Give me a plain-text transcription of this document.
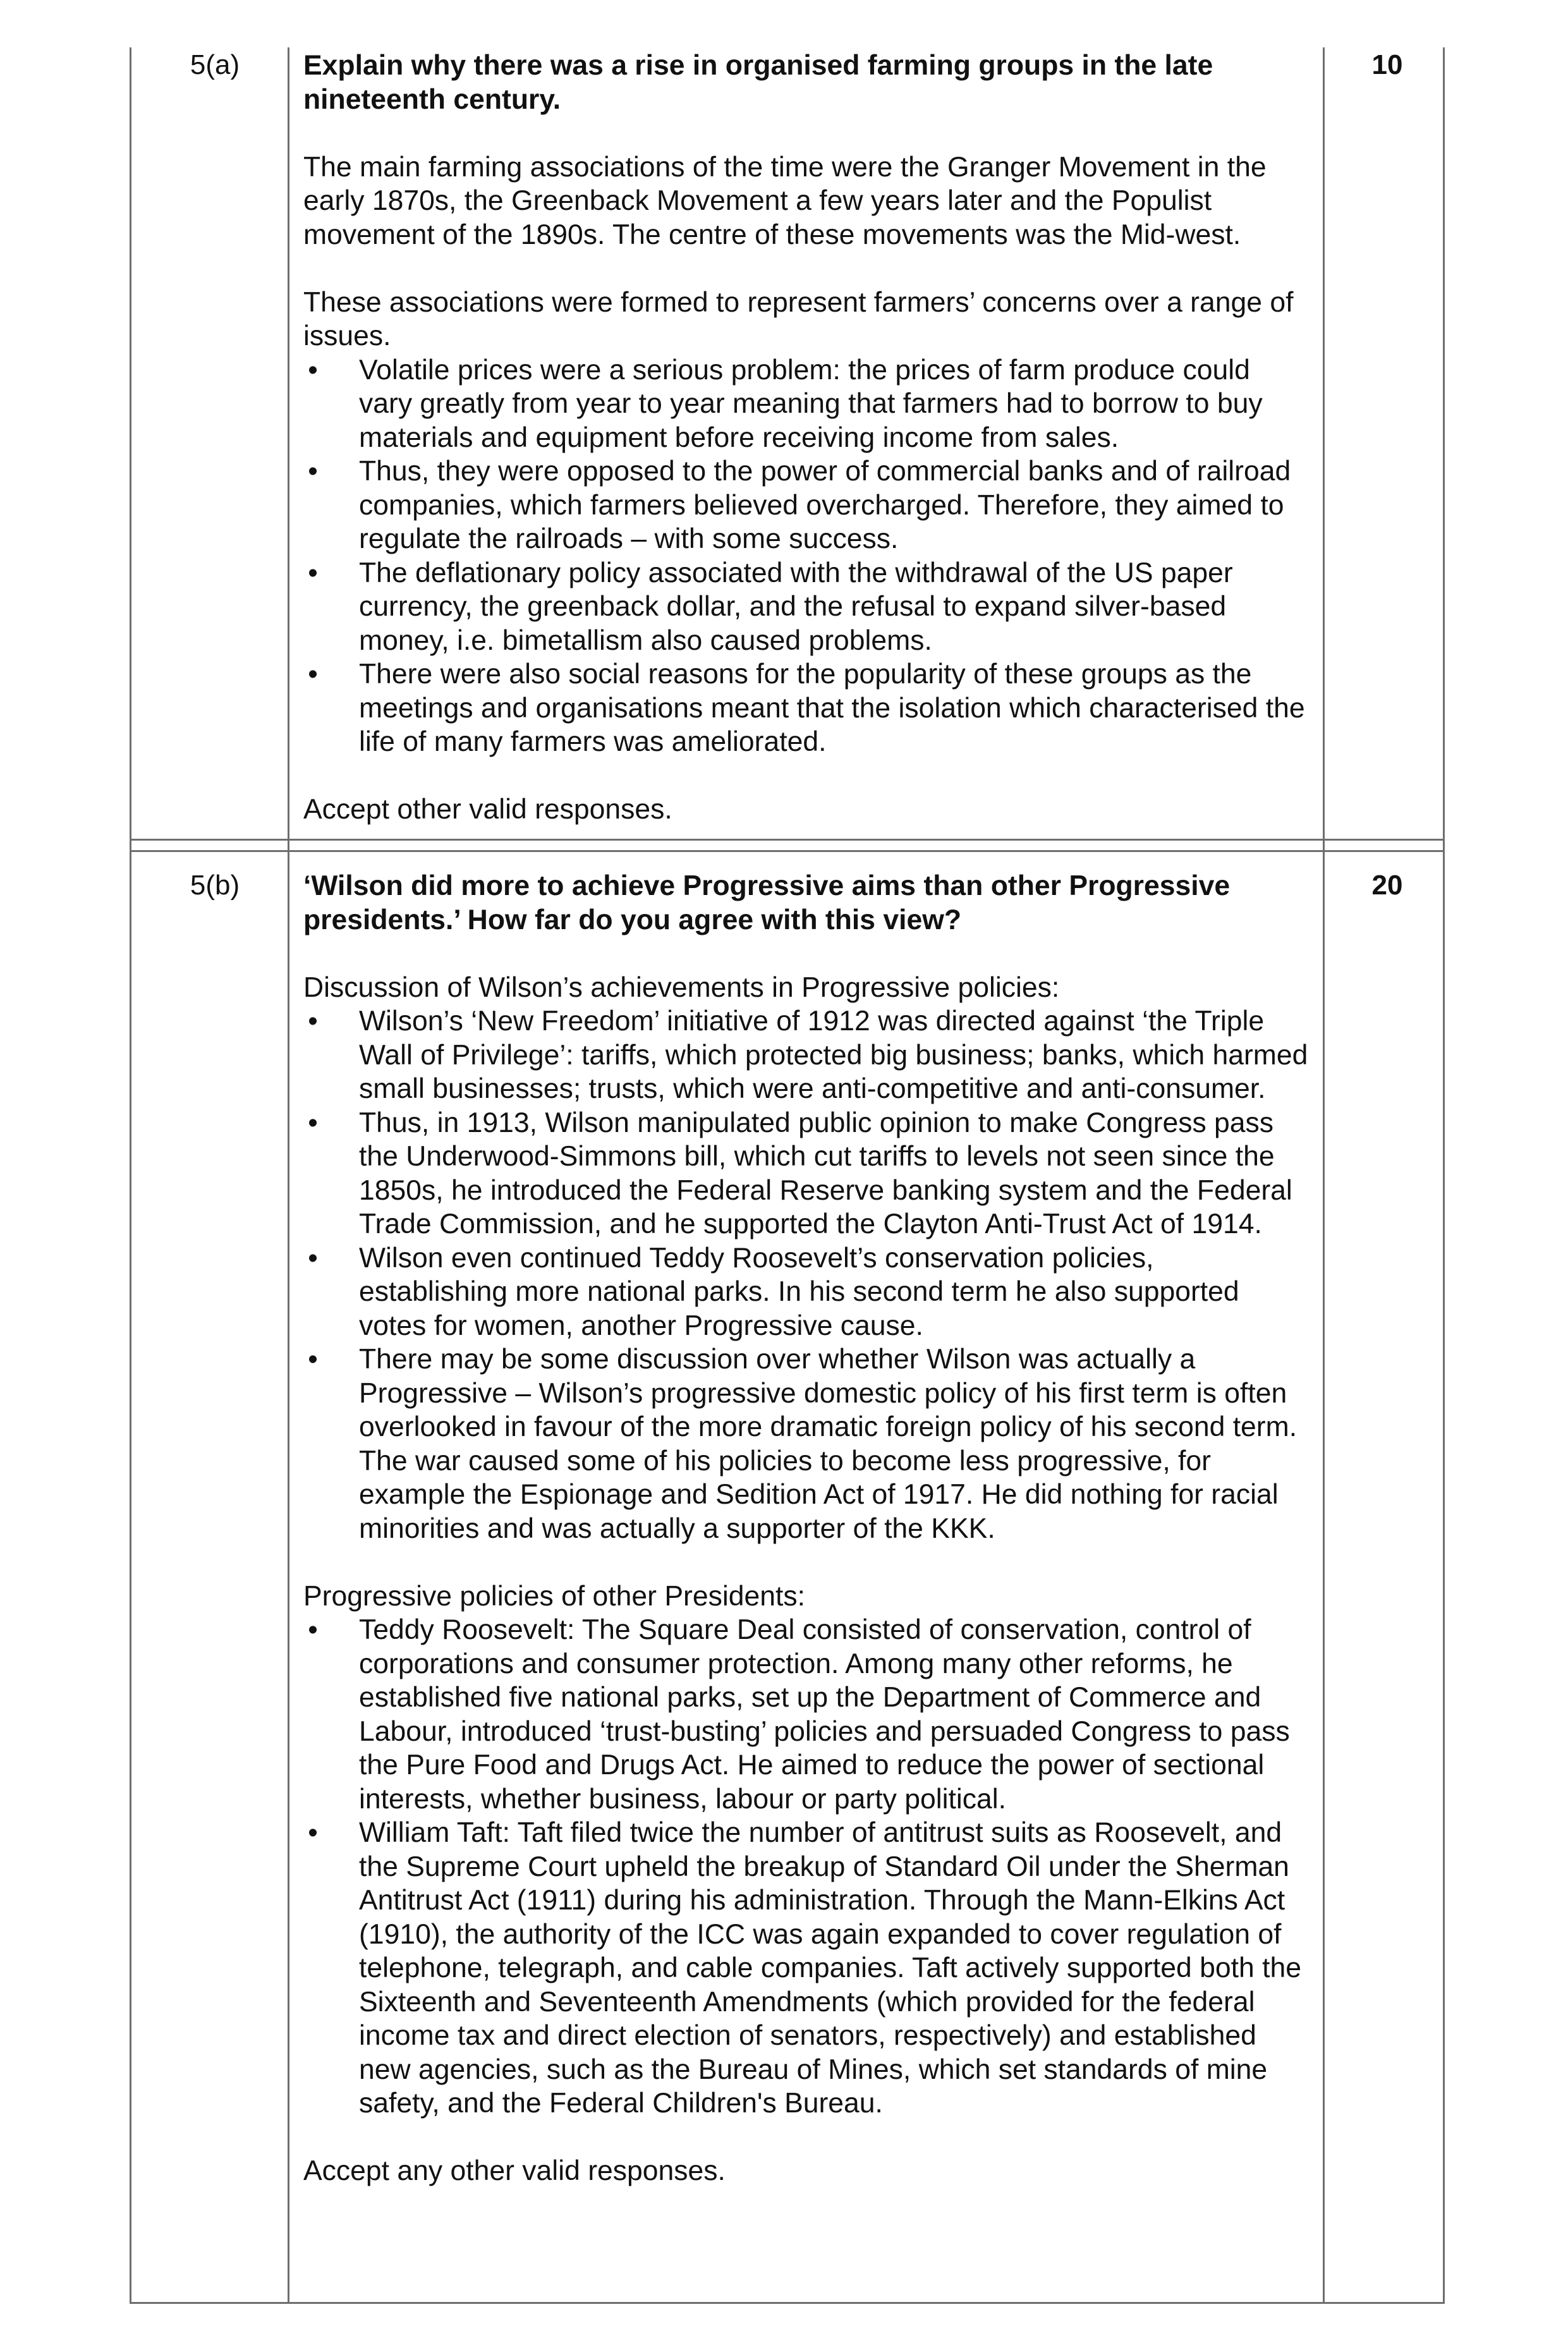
5(a)	10

Explain why there was a rise in organised farming groups in the late nineteenth century.

The main farming associations of the time were the Granger Movement in the early 1870s, the Greenback Movement a few years later and the Populist movement of the 1890s. The centre of these movements was the Mid-west.

These associations were formed to represent farmers’ concerns over a range of issues.

• Volatile prices were a serious problem: the prices of farm produce could vary greatly from year to year meaning that farmers had to borrow to buy materials and equipment before receiving income from sales.
• Thus, they were opposed to the power of commercial banks and of railroad companies, which farmers believed overcharged. Therefore, they aimed to regulate the railroads – with some success.
• The deflationary policy associated with the withdrawal of the US paper currency, the greenback dollar, and the refusal to expand silver-based money, i.e. bimetallism also caused problems.
• There were also social reasons for the popularity of these groups as the meetings and organisations meant that the isolation which characterised the life of many farmers was ameliorated.

Accept other valid responses.

5(b)	20

‘Wilson did more to achieve Progressive aims than other Progressive presidents.’ How far do you agree with this view?

Discussion of Wilson’s achievements in Progressive policies:

• Wilson’s ‘New Freedom’ initiative of 1912 was directed against ‘the Triple Wall of Privilege’: tariffs, which protected big business; banks, which harmed small businesses; trusts, which were anti-competitive and anti-consumer.
• Thus, in 1913, Wilson manipulated public opinion to make Congress pass the Underwood-Simmons bill, which cut tariffs to levels not seen since the 1850s, he introduced the Federal Reserve banking system and the Federal Trade Commission, and he supported the Clayton Anti-Trust Act of 1914.
• Wilson even continued Teddy Roosevelt’s conservation policies, establishing more national parks. In his second term he also supported votes for women, another Progressive cause.
• There may be some discussion over whether Wilson was actually a Progressive – Wilson’s progressive domestic policy of his first term is often overlooked in favour of the more dramatic foreign policy of his second term. The war caused some of his policies to become less progressive, for example the Espionage and Sedition Act of 1917. He did nothing for racial minorities and was actually a supporter of the KKK.

Progressive policies of other Presidents:

• Teddy Roosevelt: The Square Deal consisted of conservation, control of corporations and consumer protection. Among many other reforms, he established five national parks, set up the Department of Commerce and Labour, introduced ‘trust-busting’ policies and persuaded Congress to pass the Pure Food and Drugs Act. He aimed to reduce the power of sectional interests, whether business, labour or party political.
• William Taft: Taft filed twice the number of antitrust suits as Roosevelt, and the Supreme Court upheld the breakup of Standard Oil under the Sherman Antitrust Act (1911) during his administration. Through the Mann-Elkins Act (1910), the authority of the ICC was again expanded to cover regulation of telephone, telegraph, and cable companies. Taft actively supported both the Sixteenth and Seventeenth Amendments (which provided for the federal income tax and direct election of senators, respectively) and established new agencies, such as the Bureau of Mines, which set standards of mine safety, and the Federal Children's Bureau.

Accept any other valid responses.
